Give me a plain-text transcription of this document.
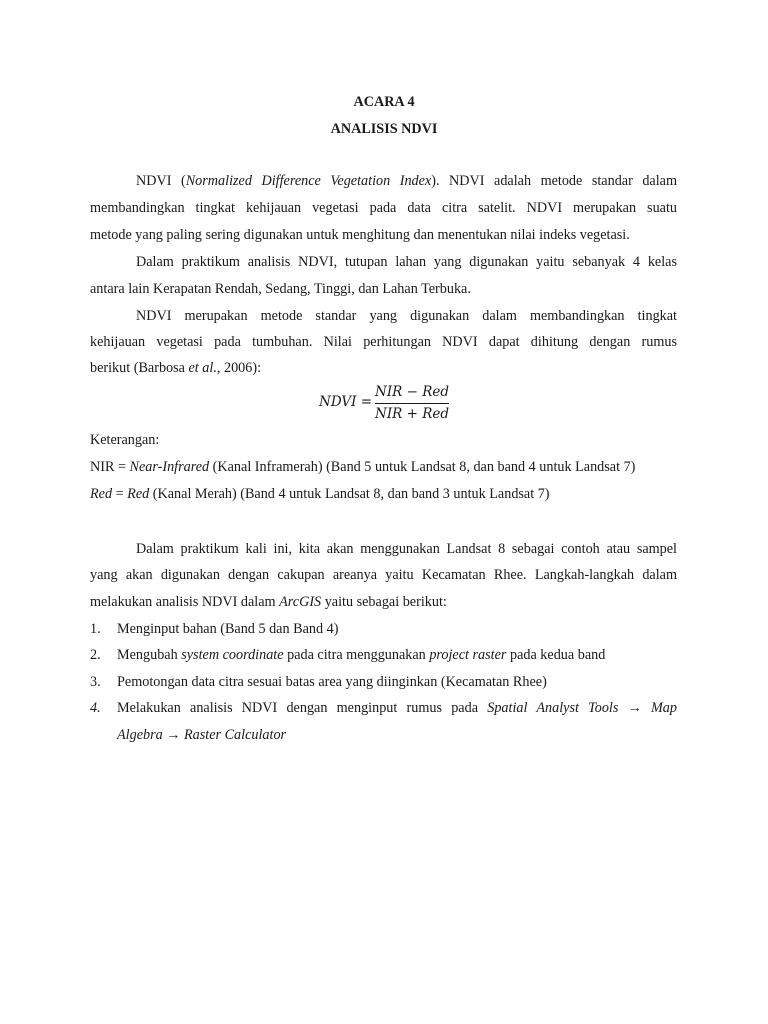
ACARA 4
ANALISIS NDVI
NDVI (Normalized Difference Vegetation Index). NDVI adalah metode standar dalam
membandingkan tingkat kehijauan vegetasi pada data citra satelit. NDVI merupakan suatu
metode yang paling sering digunakan untuk menghitung dan menentukan nilai indeks vegetasi.
Dalam praktikum analisis NDVI, tutupan lahan yang digunakan yaitu sebanyak 4 kelas
antara lain Kerapatan Rendah, Sedang, Tinggi, dan Lahan Terbuka.
NDVI merupakan metode standar yang digunakan dalam membandingkan tingkat
kehijauan vegetasi pada tumbuhan. Nilai perhitungan NDVI dapat dihitung dengan rumus
berikut (Barbosa et al., 2006):
NDVI =
NIR − Red
NIR + Red
Keterangan:
NIR = Near-Infrared (Kanal Inframerah) (Band 5 untuk Landsat 8, dan band 4 untuk Landsat 7)
Red = Red (Kanal Merah) (Band 4 untuk Landsat 8, dan band 3 untuk Landsat 7)
Dalam praktikum kali ini, kita akan menggunakan Landsat 8 sebagai contoh atau sampel
yang akan digunakan dengan cakupan areanya yaitu Kecamatan Rhee. Langkah-langkah dalam
melakukan analisis NDVI dalam ArcGIS yaitu sebagai berikut:
1. Menginput bahan (Band 5 dan Band 4)
2. Mengubah system coordinate pada citra menggunakan project raster pada kedua band
3. Pemotongan data citra sesuai batas area yang diinginkan (Kecamatan Rhee)
4. Melakukan analisis NDVI dengan menginput rumus pada Spatial Analyst Tools → Map
Algebra → Raster Calculator
